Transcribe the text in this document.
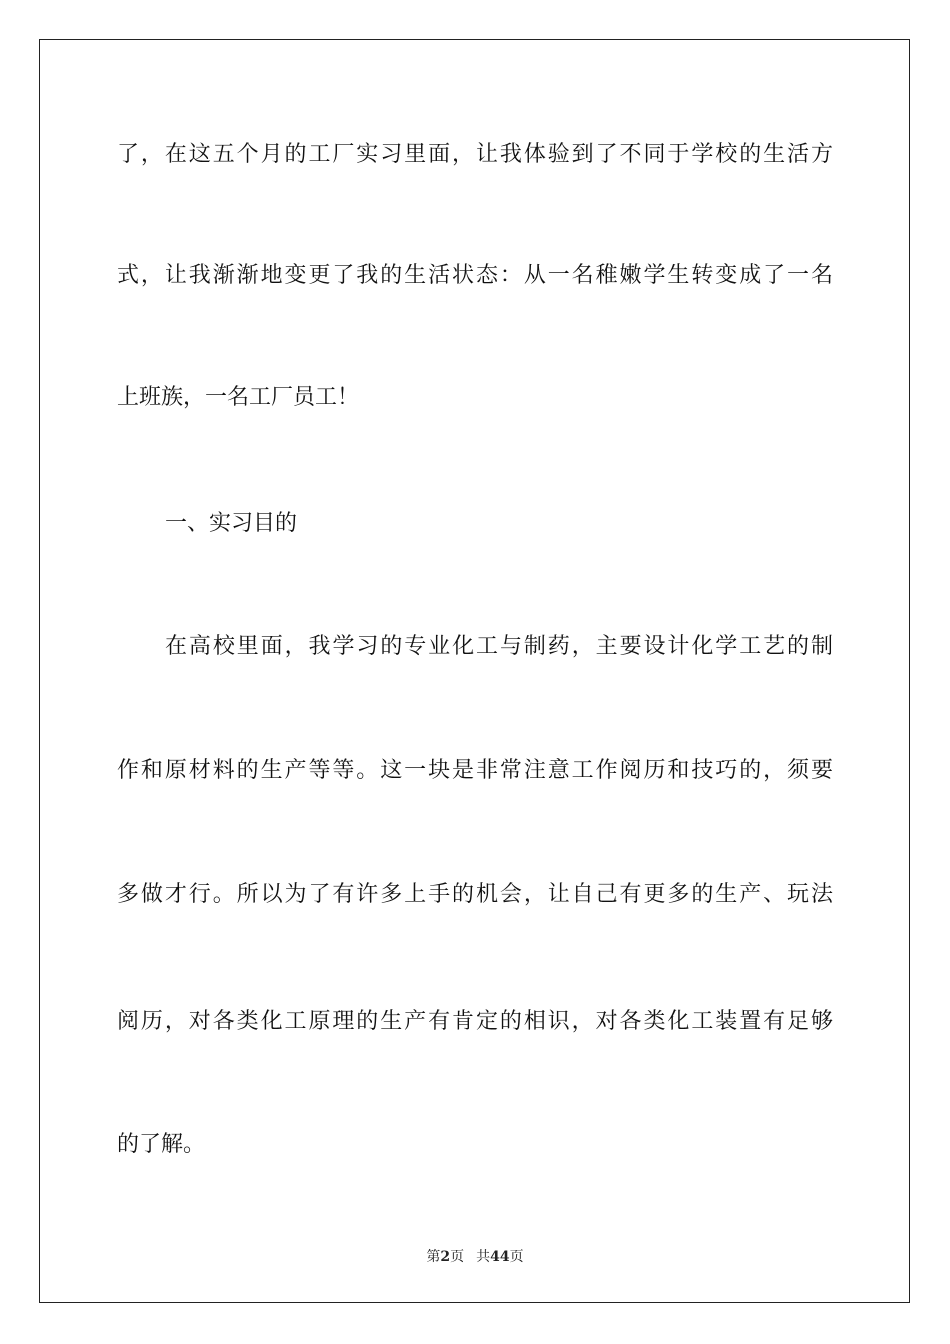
了，在这五个月的工厂实习里面，让我体验到了不同于学校的生活方
式，让我渐渐地变更了我的生活状态：从一名稚嫩学生转变成了一名
上班族，一名工厂员工！
一、实习目的
在高校里面，我学习的专业化工与制药，主要设计化学工艺的制
作和原材料的生产等等。这一块是非常注意工作阅历和技巧的，须要
多做才行。所以为了有许多上手的机会，让自己有更多的生产、玩法
阅历，对各类化工原理的生产有肯定的相识，对各类化工装置有足够
的了解。
第2页 共44页
